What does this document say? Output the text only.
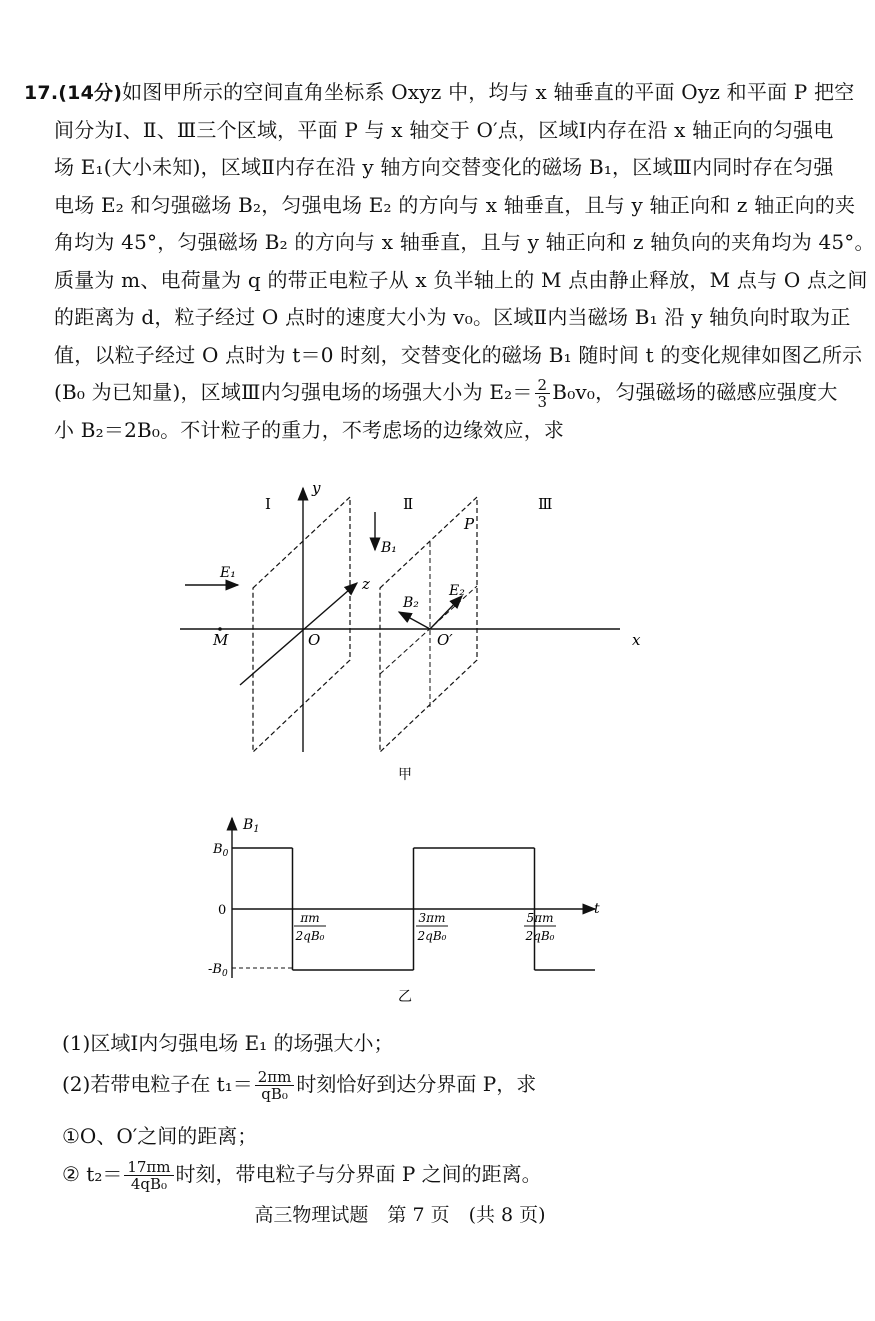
17.(14分)如图甲所示的空间直角坐标系 Oxyz 中，均与 x 轴垂直的平面 Oyz 和平面 P 把空
间分为Ⅰ、Ⅱ、Ⅲ三个区域，平面 P 与 x 轴交于 O′点，区域Ⅰ内存在沿 x 轴正向的匀强电
场 E₁(大小未知)，区域Ⅱ内存在沿 y 轴方向交替变化的磁场 B₁，区域Ⅲ内同时存在匀强
电场 E₂ 和匀强磁场 B₂，匀强电场 E₂ 的方向与 x 轴垂直，且与 y 轴正向和 z 轴正向的夹
角均为 45°，匀强磁场 B₂ 的方向与 x 轴垂直，且与 y 轴正向和 z 轴负向的夹角均为 45°。
质量为 m、电荷量为 q 的带正电粒子从 x 负半轴上的 M 点由静止释放，M 点与 O 点之间
的距离为 d，粒子经过 O 点时的速度大小为 v₀。区域Ⅱ内当磁场 B₁ 沿 y 轴负向时取为正
值，以粒子经过 O 点时为 t＝0 时刻，交替变化的磁场 B₁ 随时间 t 的变化规律如图乙所示
(B₀ 为已知量)，区域Ⅲ内匀强电场的场强大小为 $E_2= \frac{2}{3} B_0v_0$，匀强磁场的磁感应强度大
小 B₂＝2B₀。不计粒子的重力，不考虑场的边缘效应，求
Ⅰ	Ⅱ	Ⅲ
y
x
z
E₁
B₁
P
B₂
E₂
M	O	O′
甲
$B_1$
t
$B_0$
0
$-B_0$
πm
2qB₀
3πm
2qB₀
5πm
2qB₀
乙
(1)区域Ⅰ内匀强电场 E₁ 的场强大小；
(2)若带电粒子在 $t_1= \frac{2\pi m}{\text{qB₀}}$ 时刻恰好到达分界面 P，求
①O、O′之间的距离；
② $t_2= \frac{17\pi m}{\text{4qB₀}}$ 时刻，带电粒子与分界面 P 之间的距离。
高三物理试题　第 7 页　(共 8 页)
